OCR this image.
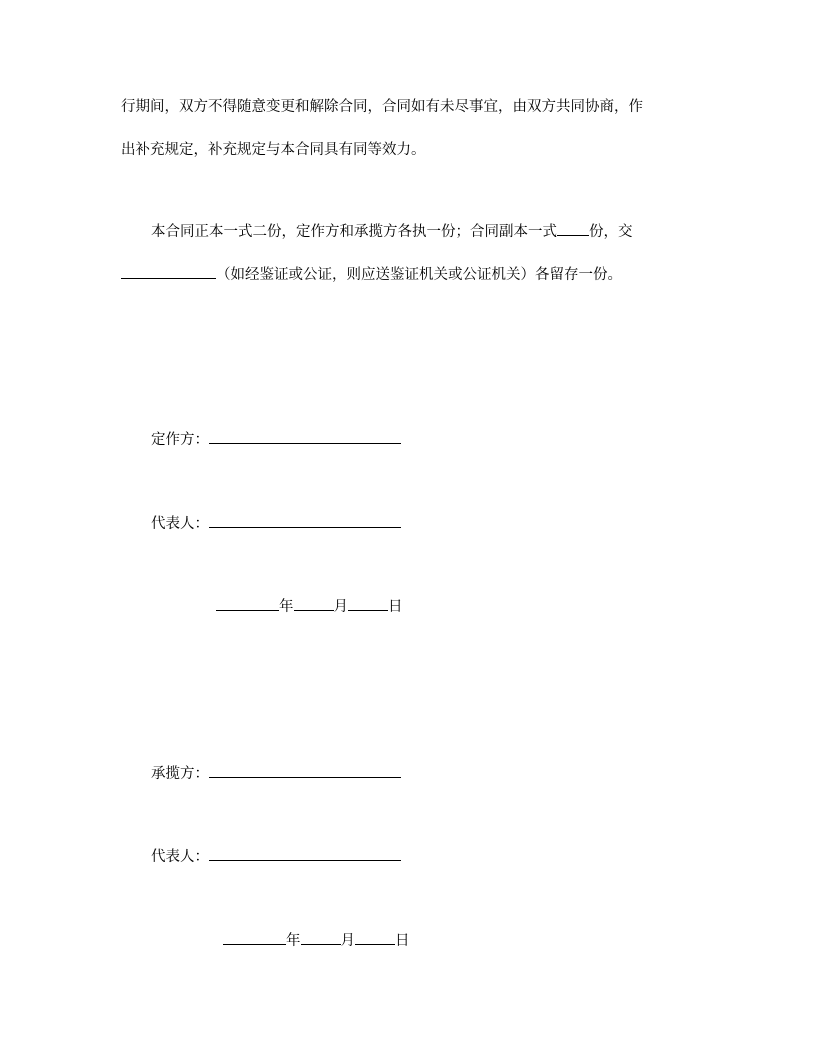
行期间，双方不得随意变更和解除合同，合同如有未尽事宜，由双方共同协商，作
出补充规定，补充规定与本合同具有同等效力。
本合同正本一式二份，定作方和承揽方各执一份；合同副本一式 份，交
（如经鉴证或公证，则应送鉴证机关或公证机关）各留存一份。
定作方：
代表人：
年	月	日
承揽方：
代表人：
年	月	日
